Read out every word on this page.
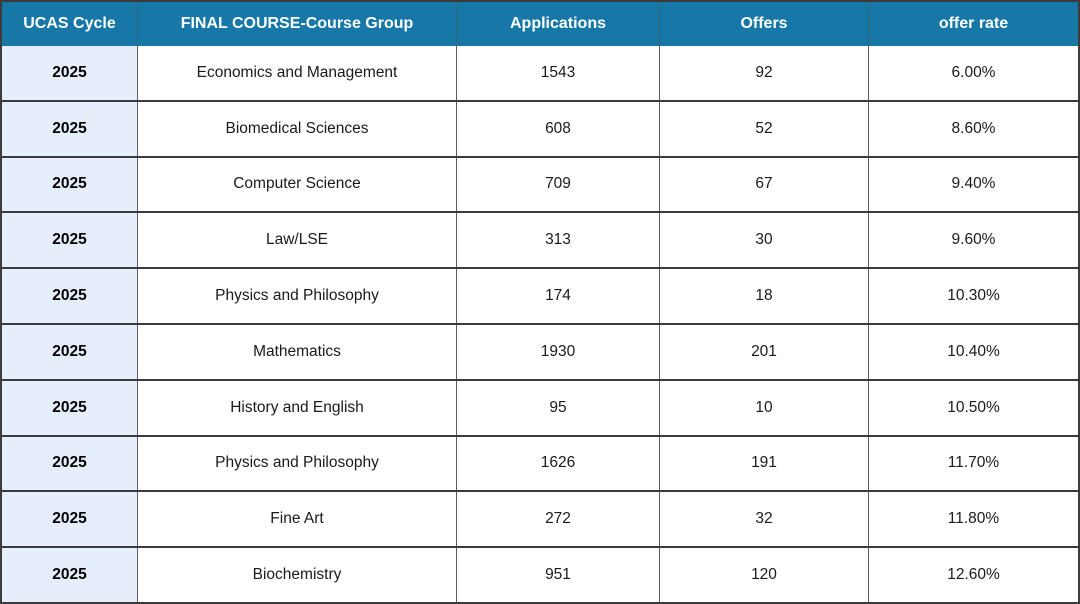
UCAS Cycle	FINAL COURSE-Course Group	Applications	Offers	offer rate
2025	Economics and Management	1543	92	6.00%
2025	Biomedical Sciences	608	52	8.60%
2025	Computer Science	709	67	9.40%
2025	Law/LSE	313	30	9.60%
2025	Physics and Philosophy	174	18	10.30%
2025	Mathematics	1930	201	10.40%
2025	History and English	95	10	10.50%
2025	Physics and Philosophy	1626	191	11.70%
2025	Fine Art	272	32	11.80%
2025	Biochemistry	951	120	12.60%
